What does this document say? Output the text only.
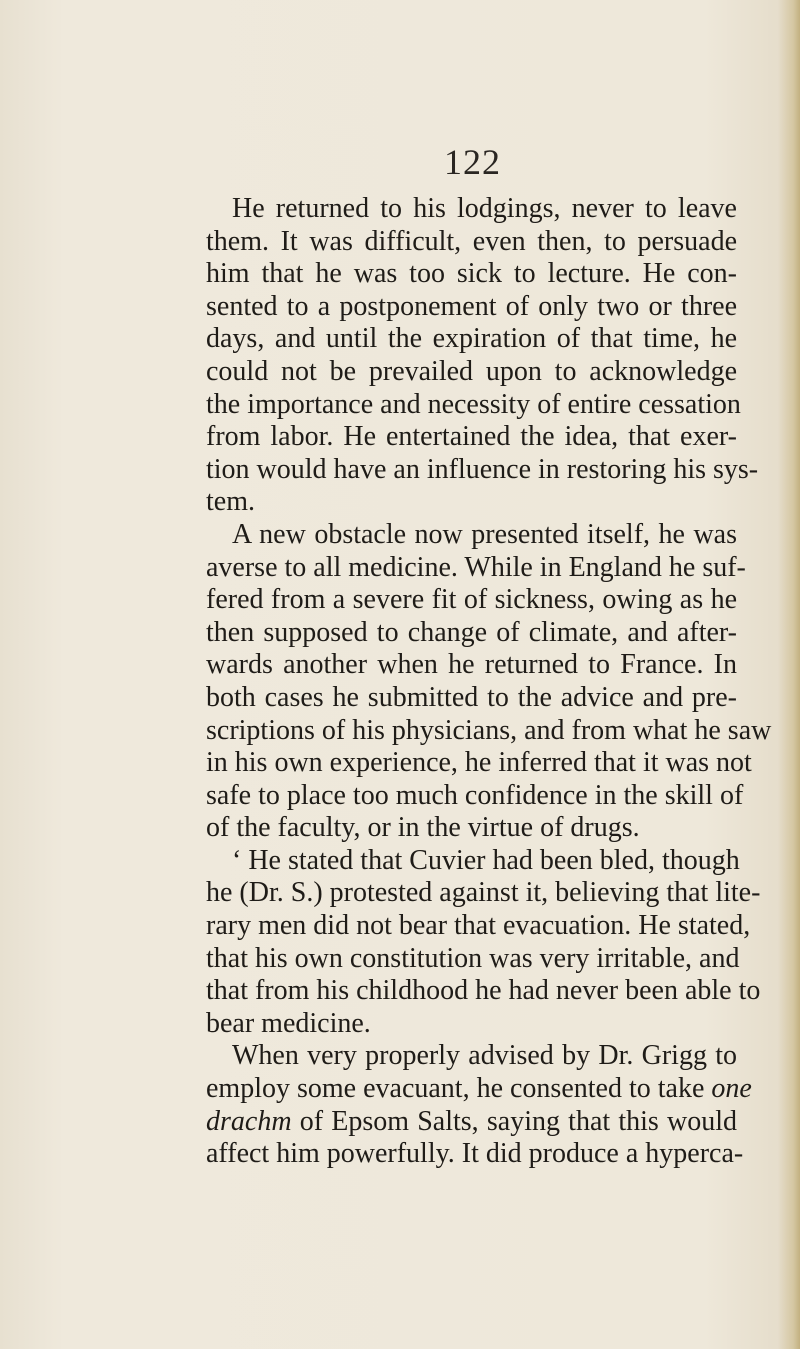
122
He returned to his lodgings, never to leave
them. It was difficult, even then, to persuade
him that he was too sick to lecture. He con-
sented to a postponement of only two or three
days, and until the expiration of that time, he
could not be prevailed upon to acknowledge
the importance and necessity of entire cessation
from labor. He entertained the idea, that exer-
tion would have an influence in restoring his sys-
tem.
A new obstacle now presented itself, he was
averse to all medicine. While in England he suf-
fered from a severe fit of sickness, owing as he
then supposed to change of climate, and after-
wards another when he returned to France. In
both cases he submitted to the advice and pre-
scriptions of his physicians, and from what he saw
in his own experience, he inferred that it was not
safe to place too much confidence in the skill of
of the faculty, or in the virtue of drugs.
‘ He stated that Cuvier had been bled, though
he (Dr. S.) protested against it, believing that lite-
rary men did not bear that evacuation. He stated,
that his own constitution was very irritable, and
that from his childhood he had never been able to
bear medicine.
When very properly advised by Dr. Grigg to
employ some evacuant, he consented to take one
drachm of Epsom Salts, saying that this would
affect him powerfully. It did produce a hyperca-
